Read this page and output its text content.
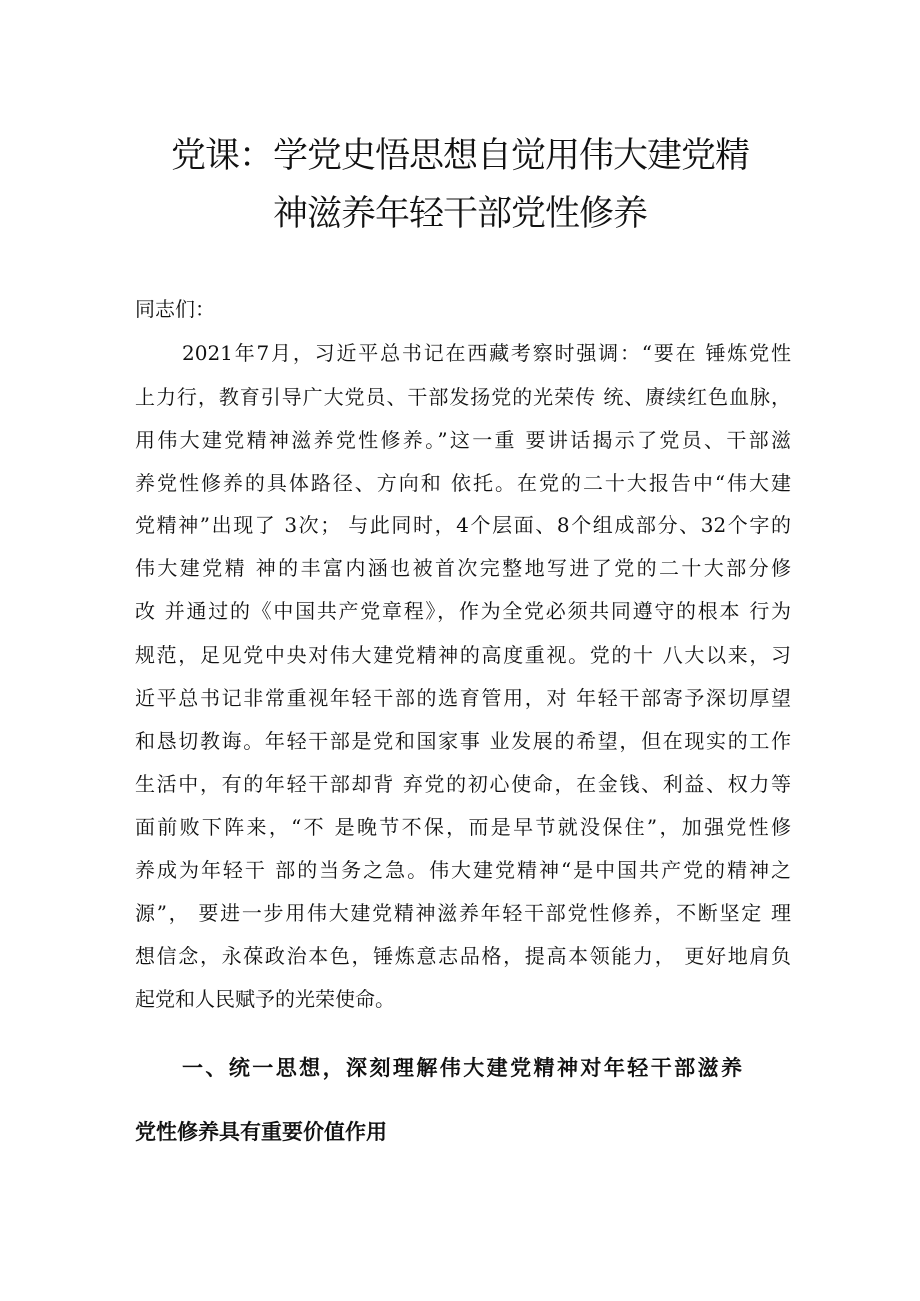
党课：学党史悟思想自觉用伟大建党精
神滋养年轻干部党性修养
同志们：
2021年7月，习近平总书记在西藏考察时强调：“要在 锤炼党性
上力行，教育引导广大党员、干部发扬党的光荣传 统、赓续红色血脉，
用伟大建党精神滋养党性修养。”这一重 要讲话揭示了党员、干部滋
养党性修养的具体路径、方向和 依托。在党的二十大报告中“伟大建
党精神”出现了 3次； 与此同时，4个层面、8个组成部分、32个字的
伟大建党精 神的丰富内涵也被首次完整地写进了党的二十大部分修
改 并通过的《中国共产党章程》，作为全党必须共同遵守的根本 行为
规范，足见党中央对伟大建党精神的高度重视。党的十 八大以来，习
近平总书记非常重视年轻干部的选育管用，对 年轻干部寄予深切厚望
和恳切教诲。年轻干部是党和国家事 业发展的希望，但在现实的工作
生活中，有的年轻干部却背 弃党的初心使命，在金钱、利益、权力等
面前败下阵来，“不 是晚节不保，而是早节就没保住”，加强党性修
养成为年轻干 部的当务之急。伟大建党精神“是中国共产党的精神之
源”， 要进一步用伟大建党精神滋养年轻干部党性修养，不断坚定 理
想信念，永葆政治本色，锤炼意志品格，提高本领能力， 更好地肩负
起党和人民赋予的光荣使命。
一、统一思想，深刻理解伟大建党精神对年轻干部滋养
党性修养具有重要价值作用
